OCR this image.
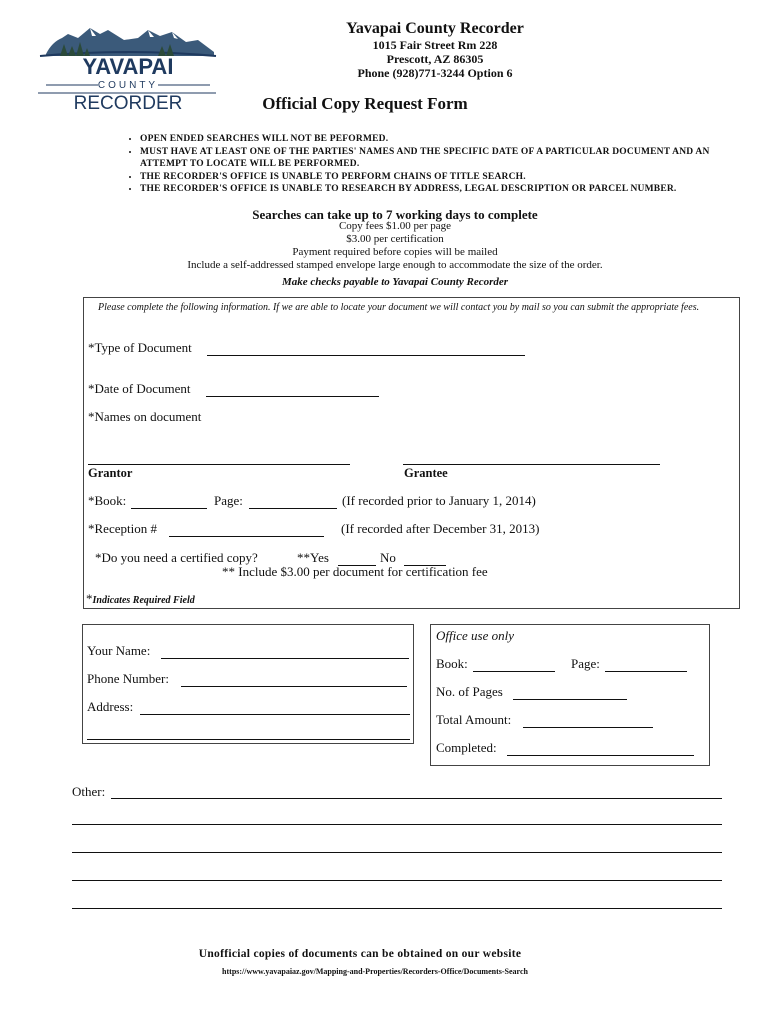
YAVAPAI
COUNTY
RECORDER
Yavapai County Recorder
1015 Fair Street Rm 228
Prescott, AZ 86305
Phone (928)771-3244 Option 6
Official Copy Request Form
• OPEN ENDED SEARCHES WILL NOT BE PEFORMED.
• MUST HAVE AT LEAST ONE OF THE PARTIES' NAMES AND THE SPECIFIC DATE OF A PARTICULAR DOCUMENT AND AN ATTEMPT TO LOCATE WILL BE PERFORMED.
• THE RECORDER'S OFFICE IS UNABLE TO PERFORM CHAINS OF TITLE SEARCH.
• THE RECORDER'S OFFICE IS UNABLE TO RESEARCH BY ADDRESS, LEGAL DESCRIPTION OR PARCEL NUMBER.
Searches can take up to 7 working days to complete
Copy fees $1.00 per page
$3.00 per certification
Payment required before copies will be mailed
Include a self-addressed stamped envelope large enough to accommodate the size of the order.
Make checks payable to Yavapai County Recorder
Please complete the following information. If we are able to locate your document we will contact you by mail so you can submit the appropriate fees.
*Type of Document
*Date of Document
*Names on document
Grantor	Grantee
*Book:	Page:	(If recorded prior to January 1, 2014)
*Reception #	(If recorded after December 31, 2013)
*Do you need a certified copy?	**Yes	No
** Include $3.00 per document for certification fee
*Indicates Required Field
Your Name:
Phone Number:
Address:
Office use only
Book:	Page:
No. of Pages
Total Amount:
Completed:
Other:
Unofficial copies of documents can be obtained on our website
https://www.yavapaiaz.gov/Mapping-and-Properties/Recorders-Office/Documents-Search
